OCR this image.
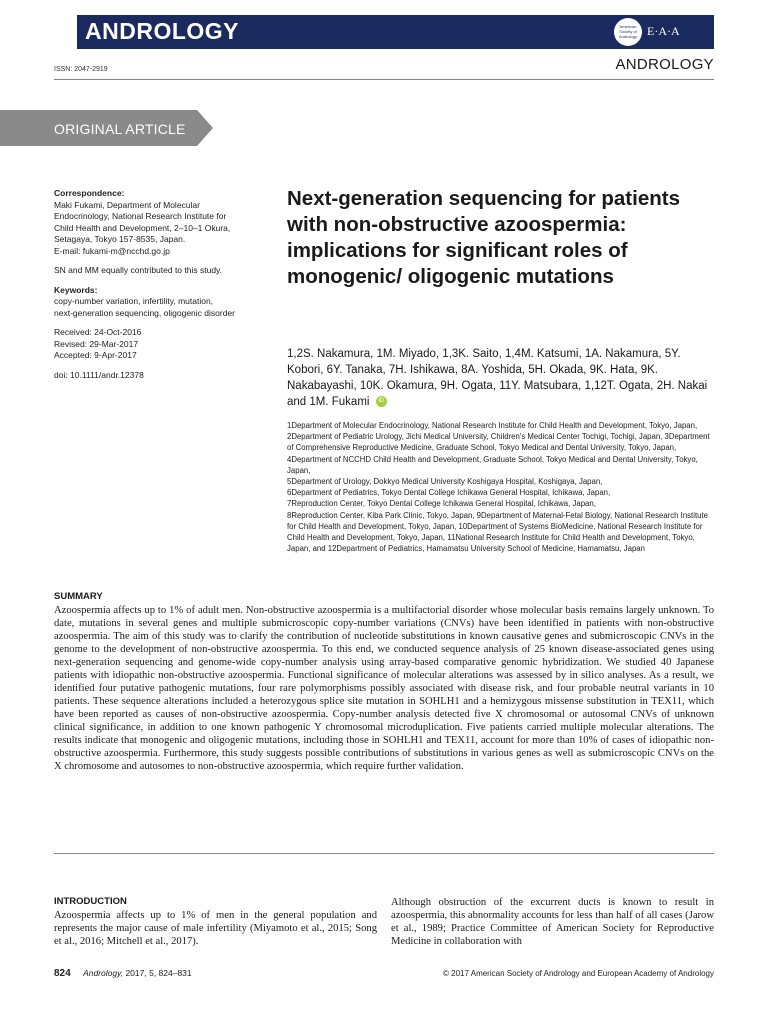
ANDROLOGY	American Society of Andrology E·A·A
ISSN: 2047-2919	ANDROLOGY
ORIGINAL ARTICLE

Correspondence:

Maki Fukami, Department of Molecular

Endocrinology, National Research Institute for

Child Health and Development, 2–10–1 Okura,

Setagaya, Tokyo 157-8535, Japan.

E-mail: fukami-m@ncchd.go.jp

SN and MM equally contributed to this study.

Keywords:

copy-number variation, infertility, mutation,

next-generation sequencing, oligogenic disorder

Received: 24-Oct-2016

Revised: 29-Mar-2017

Accepted: 9-Apr-2017

doi: 10.1111/andr.12378

Next-generation sequencing for patients with non-obstructive azoospermia: implications for significant roles of monogenic/ oligogenic mutations
1,2S. Nakamura, 1M. Miyado, 1,3K. Saito, 1,4M. Katsumi, 1A. Nakamura, 5Y. Kobori, 6Y. Tanaka, 7H. Ishikawa, 8A. Yoshida, 5H. Okada, 9K. Hata, 9K. Nakabayashi, 10K. Okamura, 9H. Ogata, 11Y. Matsubara, 1,12T. Ogata, 2H. Nakai and 1M. Fukami iD

1Department of Molecular Endocrinology, National Research Institute for Child Health and Development, Tokyo, Japan, 2Department of Pediatric Urology, Jichi Medical University, Children's Medical Center Tochigi, Tochigi, Japan, 3Department of Comprehensive Reproductive Medicine, Graduate School, Tokyo Medical and Dental University, Tokyo, Japan, 4Department of NCCHD Child Health and Development, Graduate School, Tokyo Medical and Dental University, Tokyo, Japan,

5Department of Urology, Dokkyo Medical University Koshigaya Hospital, Koshigaya, Japan,

6Department of Pediatrics, Tokyo Dental College Ichikawa General Hospital, Ichikawa, Japan,

7Reproduction Center, Tokyo Dental College Ichikawa General Hospital, Ichikawa, Japan,

8Reproduction Center, Kiba Park Clinic, Tokyo, Japan, 9Department of Maternal-Fetal Biology, National Research Institute for Child Health and Development, Tokyo, Japan, 10Department of Systems BioMedicine, National Research Institute for Child Health and Development, Tokyo, Japan, 11National Research Institute for Child Health and Development, Tokyo, Japan, and 12Department of Pediatrics, Hamamatsu University School of Medicine, Hamamatsu, Japan

SUMMARY

Azoospermia affects up to 1% of adult men. Non-obstructive azoospermia is a multifactorial disorder whose molecular basis remains largely unknown. To date, mutations in several genes and multiple submicroscopic copy-number variations (CNVs) have been identified in patients with non-obstructive azoospermia. The aim of this study was to clarify the contribution of nucleotide substitutions in known causative genes and submicroscopic CNVs in the genome to the development of non-obstructive azoospermia. To this end, we conducted sequence analysis of 25 known disease-associated genes using next-generation sequencing and genome-wide copy-number analysis using array-based comparative genomic hybridization. We studied 40 Japanese patients with idiopathic non-obstructive azoospermia. Functional significance of molecular alterations was assessed by in silico analyses. As a result, we identified four putative pathogenic mutations, four rare polymorphisms possibly associated with disease risk, and four probable neutral variants in 10 patients. These sequence alterations included a heterozygous splice site mutation in SOHLH1 and a hemizygous missense substitution in TEX11, which have been reported as causes of non-obstructive azoospermia. Copy-number analysis detected five X chromosomal or autosomal CNVs of unknown clinical significance, in addition to one known pathogenic Y chromosomal microduplication. Five patients carried multiple molecular alterations. The results indicate that monogenic and oligogenic mutations, including those in SOHLH1 and TEX11, account for more than 10% of cases of idiopathic non-obstructive azoospermia. Furthermore, this study suggests possible contributions of substitutions in various genes as well as submicroscopic CNVs on the X chromosome and autosomes to non-obstructive azoospermia, which require further validation.

INTRODUCTION

Azoospermia affects up to 1% of men in the general population and represents the major cause of male infertility (Miyamoto et al., 2015; Song et al., 2016; Mitchell et al., 2017).

Although obstruction of the excurrent ducts is known to result in azoospermia, this abnormality accounts for less than half of all cases (Jarow et al., 1989; Practice Committee of American Society for Reproductive Medicine in collaboration with

824 Andrology, 2017, 5, 824–831	© 2017 American Society of Andrology and European Academy of Andrology
